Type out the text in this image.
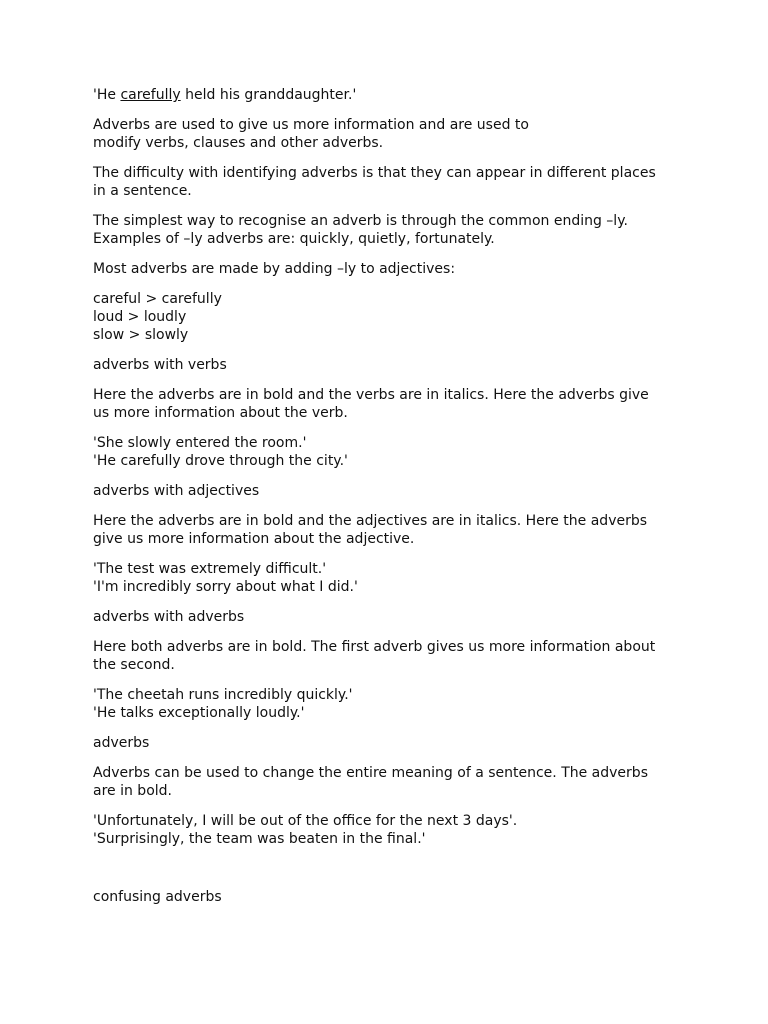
'He carefully held his granddaughter.'

Adverbs are used to give us more information and are used to
modify verbs, clauses and other adverbs.

The difficulty with identifying adverbs is that they can appear in different places
in a sentence.

The simplest way to recognise an adverb is through the common ending –ly.
Examples of –ly adverbs are: quickly, quietly, fortunately.

Most adverbs are made by adding –ly to adjectives:

careful > carefully
loud > loudly
slow > slowly

adverbs with verbs

Here the adverbs are in bold and the verbs are in italics. Here the adverbs give
us more information about the verb.

'She slowly entered the room.'
'He carefully drove through the city.'

adverbs with adjectives

Here the adverbs are in bold and the adjectives are in italics. Here the adverbs
give us more information about the adjective.

'The test was extremely difficult.'
'I'm incredibly sorry about what I did.'

adverbs with adverbs

Here both adverbs are in bold. The first adverb gives us more information about
the second.

'The cheetah runs incredibly quickly.'
'He talks exceptionally loudly.'

adverbs

Adverbs can be used to change the entire meaning of a sentence. The adverbs
are in bold.

'Unfortunately, I will be out of the office for the next 3 days'.
'Surprisingly, the team was beaten in the final.'

confusing adverbs
